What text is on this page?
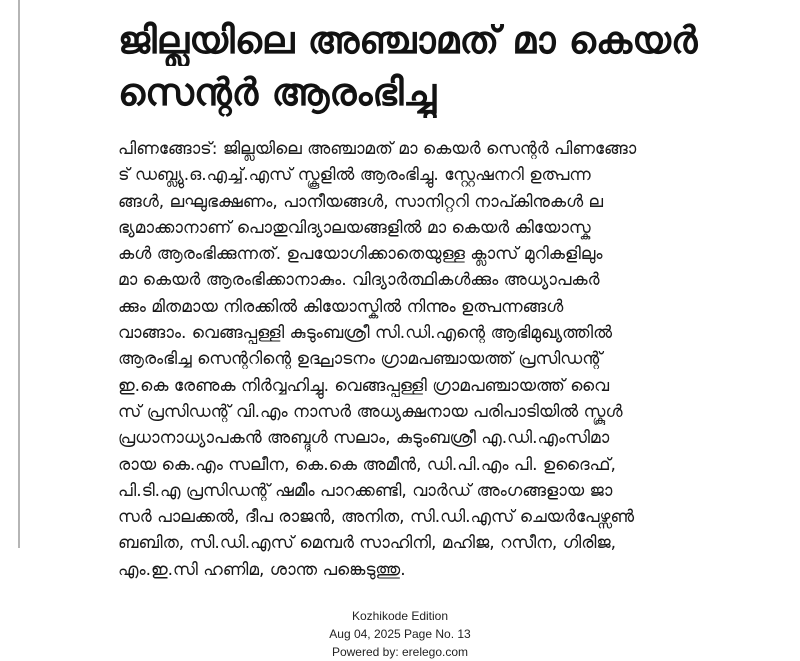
ജില്ലയിലെ അഞ്ചാമത് മാ കെയർ
സെന്റർ ആരംഭിച്ചു
പിണങ്ങോട്: ജില്ലയിലെ അഞ്ചാമത് മാ കെയർ സെന്റർ പിണങ്ങോ
ട് ഡബ്ല്യു.ഒ.എച്ച്.എസ് സ്കൂളിൽ ആരംഭിച്ചു. സ്റ്റേഷനറി ഉത്പന്ന
ങ്ങൾ, ലഘുഭക്ഷണം, പാനീയങ്ങൾ, സാനിറ്ററി നാപ്കിനുകൾ ല
ഭ്യമാക്കാനാണ് പൊതുവിദ്യാലയങ്ങളിൽ മാ കെയർ കിയോസ്കു
കൾ ആരംഭിക്കുന്നത്. ഉപയോഗിക്കാതെയുള്ള ക്ലാസ് മുറികളിലും
മാ കെയർ ആരംഭിക്കാനാകും. വിദ്യാർത്ഥികൾക്കും അധ്യാപകർ
ക്കും മിതമായ നിരക്കിൽ കിയോസ്കിൽ നിന്നും ഉത്പന്നങ്ങൾ
വാങ്ങാം. വെങ്ങപ്പള്ളി കുടുംബശ്രീ സി.ഡി.എന്റെ ആഭിമുഖ്യത്തിൽ
ആരംഭിച്ച സെന്ററിന്റെ ഉദ്ഘാടനം ഗ്രാമപഞ്ചായത്ത് പ്രസിഡന്റ്
ഇ.കെ രേണുക നിർവ്വഹിച്ചു. വെങ്ങപ്പള്ളി ഗ്രാമപഞ്ചായത്ത് വൈ
സ് പ്രസിഡന്റ് വി.എം നാസർ അധ്യക്ഷനായ പരിപാടിയിൽ സ്കൂൾ
പ്രധാനാധ്യാപകൻ അബ്ദുൾ സലാം, കുടുംബശ്രീ എ.ഡി.എംസിമാ
രായ കെ.എം സലീന, കെ.കെ അമീൻ, ഡി.പി.എം പി. ഉദൈഫ്,
പി.ടി.എ പ്രസിഡന്റ് ഷമീം പാറക്കണ്ടി, വാർഡ് അംഗങ്ങളായ ജാ
സർ പാലക്കൽ, ദീപ രാജൻ, അനിത, സി.ഡി.എസ് ചെയർപേഴ്സൺ
ബബിത, സി.ഡി.എസ് മെമ്പർ സാഹിനി, മഹിജ, റസീന, ഗിരിജ,
എം.ഇ.സി ഹണിമ, ശാന്ത പങ്കെടുത്തു.
Kozhikode Edition
Aug 04, 2025 Page No. 13
Powered by: erelego.com
